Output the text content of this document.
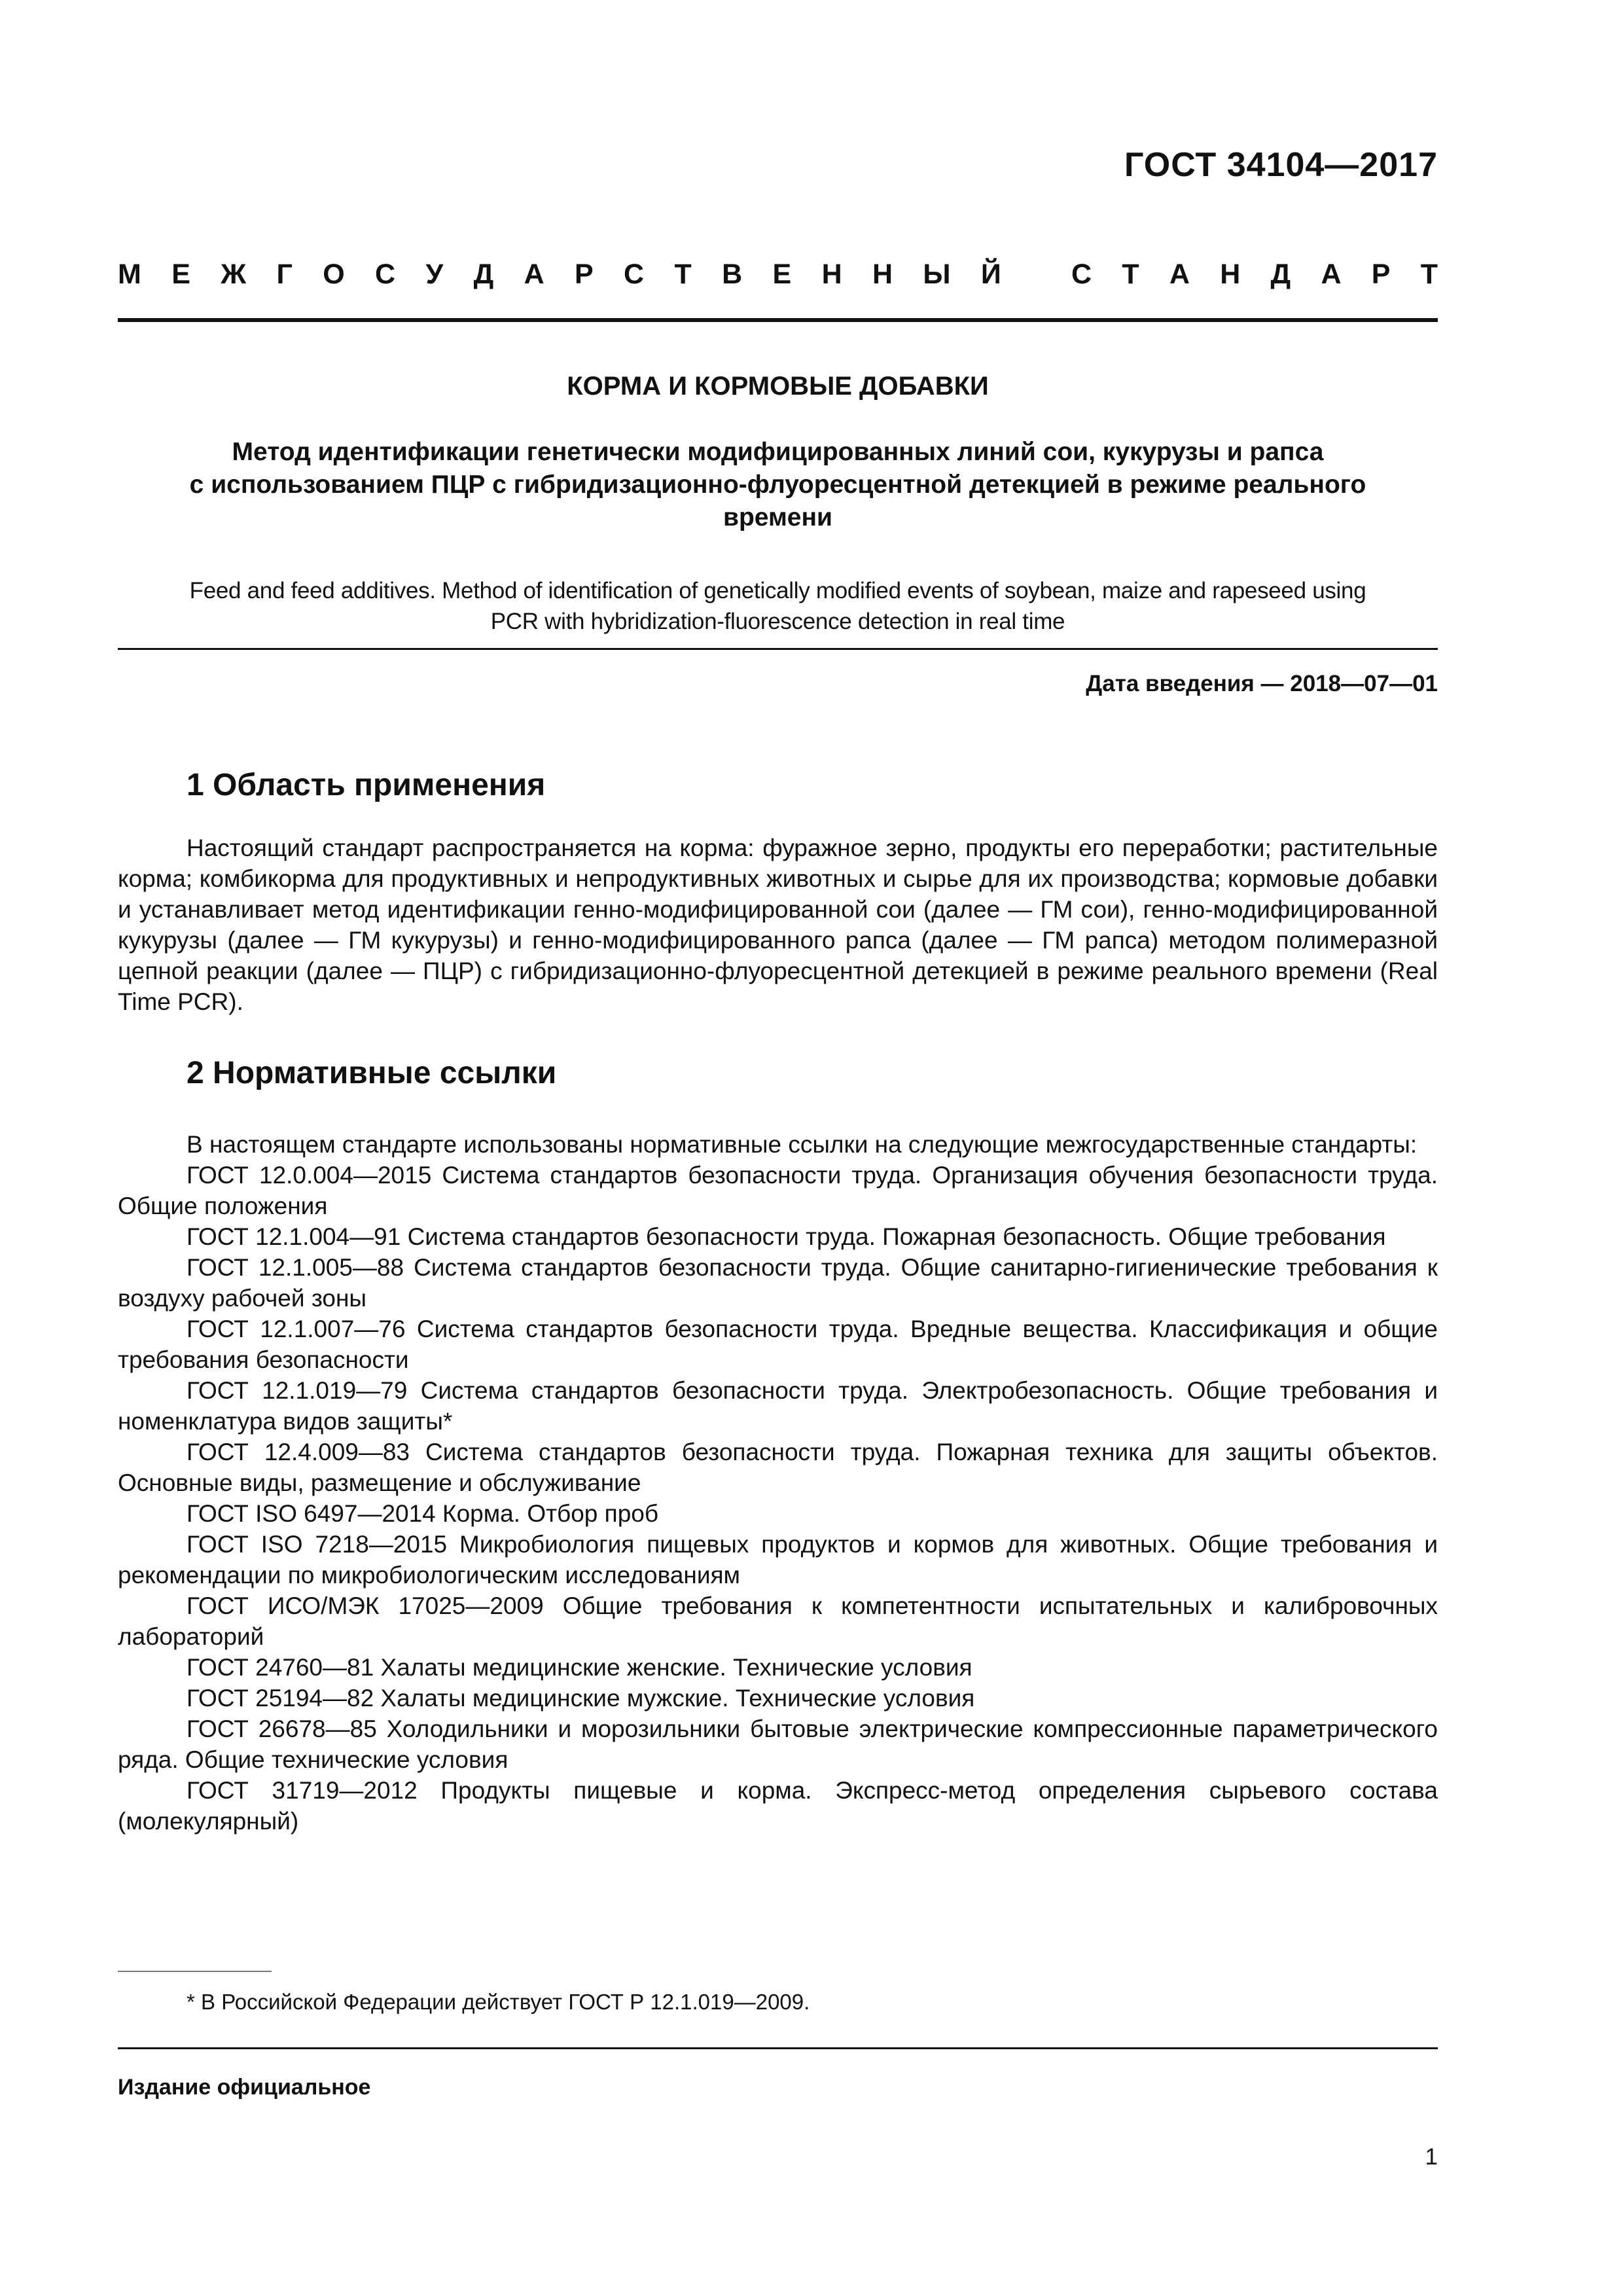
ГОСТ 34104—2017
М Е Ж Г О С У Д А Р С Т В Е Н Н Ы Й С Т А Н Д А Р Т
КОРМА И КОРМОВЫЕ ДОБАВКИ
Метод идентификации генетически модифицированных линий сои, кукурузы и рапса
с использованием ПЦР с гибридизационно-флуоресцентной детекцией в режиме реального
времени
Feed and feed additives. Method of identification of genetically modified events of soybean, maize and rapeseed using
PCR with hybridization-fluorescence detection in real time
Дата введения — 2018—07—01
1 Область применения

Настоящий стандарт распространяется на корма: фуражное зерно, продукты его переработки; растительные корма; комбикорма для продуктивных и непродуктивных животных и сырье для их производства; кормовые добавки и устанавливает метод идентификации генно-модифицированной сои (далее — ГМ сои), генно-модифицированной кукурузы (далее — ГМ кукурузы) и генно-модифицированного рапса (далее — ГМ рапса) методом полимеразной цепной реакции (далее — ПЦР) с гибридизационно-флуоресцентной детекцией в режиме реального времени (Real Time PCR).

2 Нормативные ссылки
В настоящем стандарте использованы нормативные ссылки на следующие межгосударственные стандарты:
ГОСТ 12.0.004—2015 Система стандартов безопасности труда. Организация обучения безопасности труда. Общие положения
ГОСТ 12.1.004—91 Система стандартов безопасности труда. Пожарная безопасность. Общие требования
ГОСТ 12.1.005—88 Система стандартов безопасности труда. Общие санитарно-гигиенические требования к воздуху рабочей зоны
ГОСТ 12.1.007—76 Система стандартов безопасности труда. Вредные вещества. Классификация и общие требования безопасности
ГОСТ 12.1.019—79 Система стандартов безопасности труда. Электробезопасность. Общие требования и номенклатура видов защиты*
ГОСТ 12.4.009—83 Система стандартов безопасности труда. Пожарная техника для защиты объектов. Основные виды, размещение и обслуживание
ГОСТ ISO 6497—2014 Корма. Отбор проб
ГОСТ ISO 7218—2015 Микробиология пищевых продуктов и кормов для животных. Общие требования и рекомендации по микробиологическим исследованиям
ГОСТ ИСО/МЭК 17025—2009 Общие требования к компетентности испытательных и калибровочных лабораторий
ГОСТ 24760—81 Халаты медицинские женские. Технические условия
ГОСТ 25194—82 Халаты медицинские мужские. Технические условия
ГОСТ 26678—85 Холодильники и морозильники бытовые электрические компрессионные параметрического ряда. Общие технические условия
ГОСТ 31719—2012 Продукты пищевые и корма. Экспресс-метод определения сырьевого состава (молекулярный)
* В Российской Федерации действует ГОСТ Р 12.1.019—2009.
Издание официальное
1
